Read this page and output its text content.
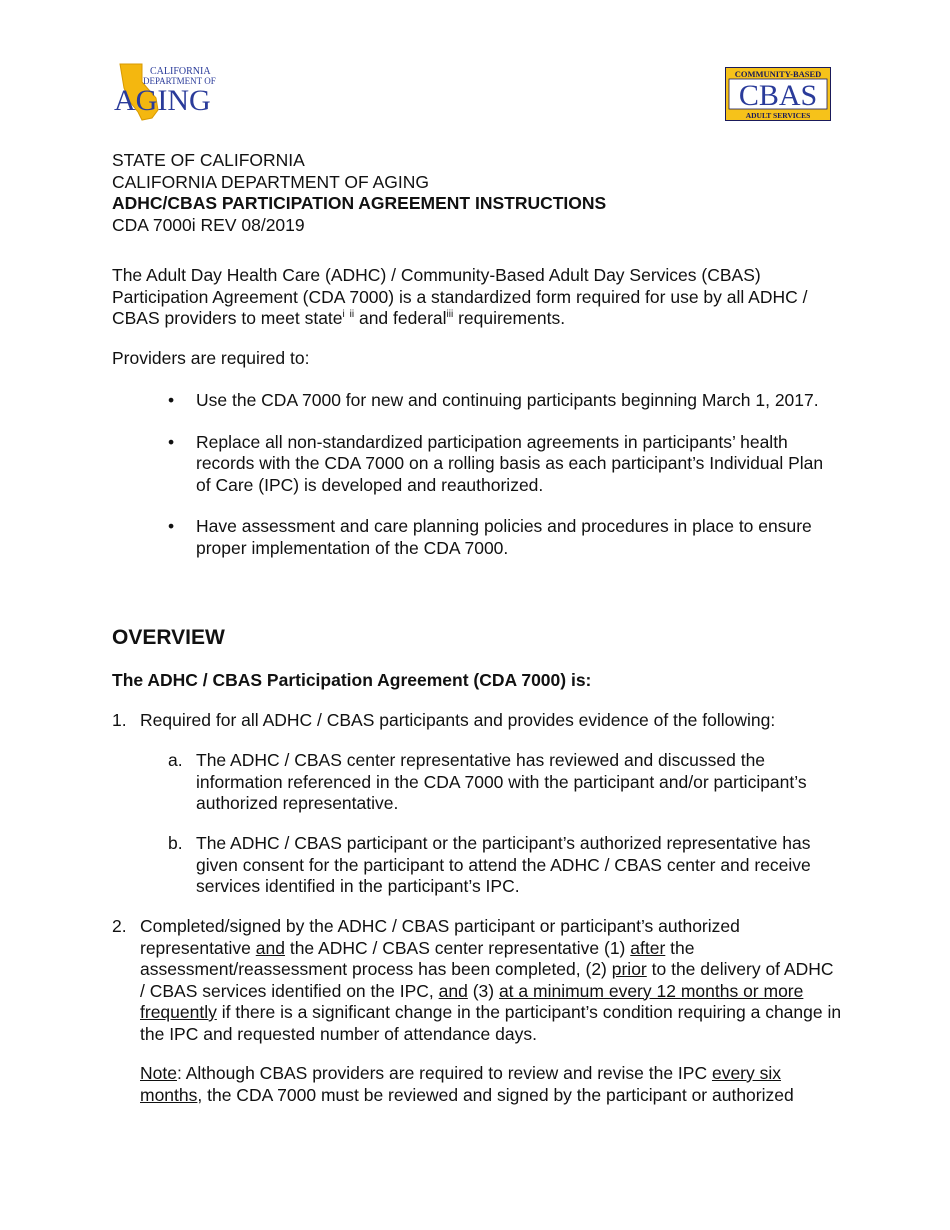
CALIFORNIA
DEPARTMENT OF
AGING
COMMUNITY-BASED
CBAS
ADULT SERVICES
STATE OF CALIFORNIA
CALIFORNIA DEPARTMENT OF AGING
ADHC/CBAS PARTICIPATION AGREEMENT INSTRUCTIONS
CDA 7000i REV 08/2019
The Adult Day Health Care (ADHC) / Community-Based Adult Day Services (CBAS) Participation Agreement (CDA 7000) is a standardized form required for use by all ADHC / CBAS providers to meet state$^i$ $^{ii}$ and federal$^{iii}$ requirements.
Providers are required to:
• Use the CDA 7000 for new and continuing participants beginning March 1, 2017.
• Replace all non-standardized participation agreements in participants’ health records with the CDA 7000 on a rolling basis as each participant’s Individual Plan of Care (IPC) is developed and reauthorized.
• Have assessment and care planning policies and procedures in place to ensure proper implementation of the CDA 7000.
OVERVIEW
The ADHC / CBAS Participation Agreement (CDA 7000) is:
1. Required for all ADHC / CBAS participants and provides evidence of the following:
a. The ADHC / CBAS center representative has reviewed and discussed the information referenced in the CDA 7000 with the participant and/or participant’s authorized representative.
b. The ADHC / CBAS participant or the participant’s authorized representative has given consent for the participant to attend the ADHC / CBAS center and receive services identified in the participant’s IPC.
2. Completed/signed by the ADHC / CBAS participant or participant’s authorized representative and the ADHC / CBAS center representative (1) after the assessment/reassessment process has been completed, (2) prior to the delivery of ADHC / CBAS services identified on the IPC, and (3) at a minimum every 12 months or more frequently if there is a significant change in the participant’s condition requiring a change in the IPC and requested number of attendance days.
Note: Although CBAS providers are required to review and revise the IPC every six months, the CDA 7000 must be reviewed and signed by the participant or authorized
